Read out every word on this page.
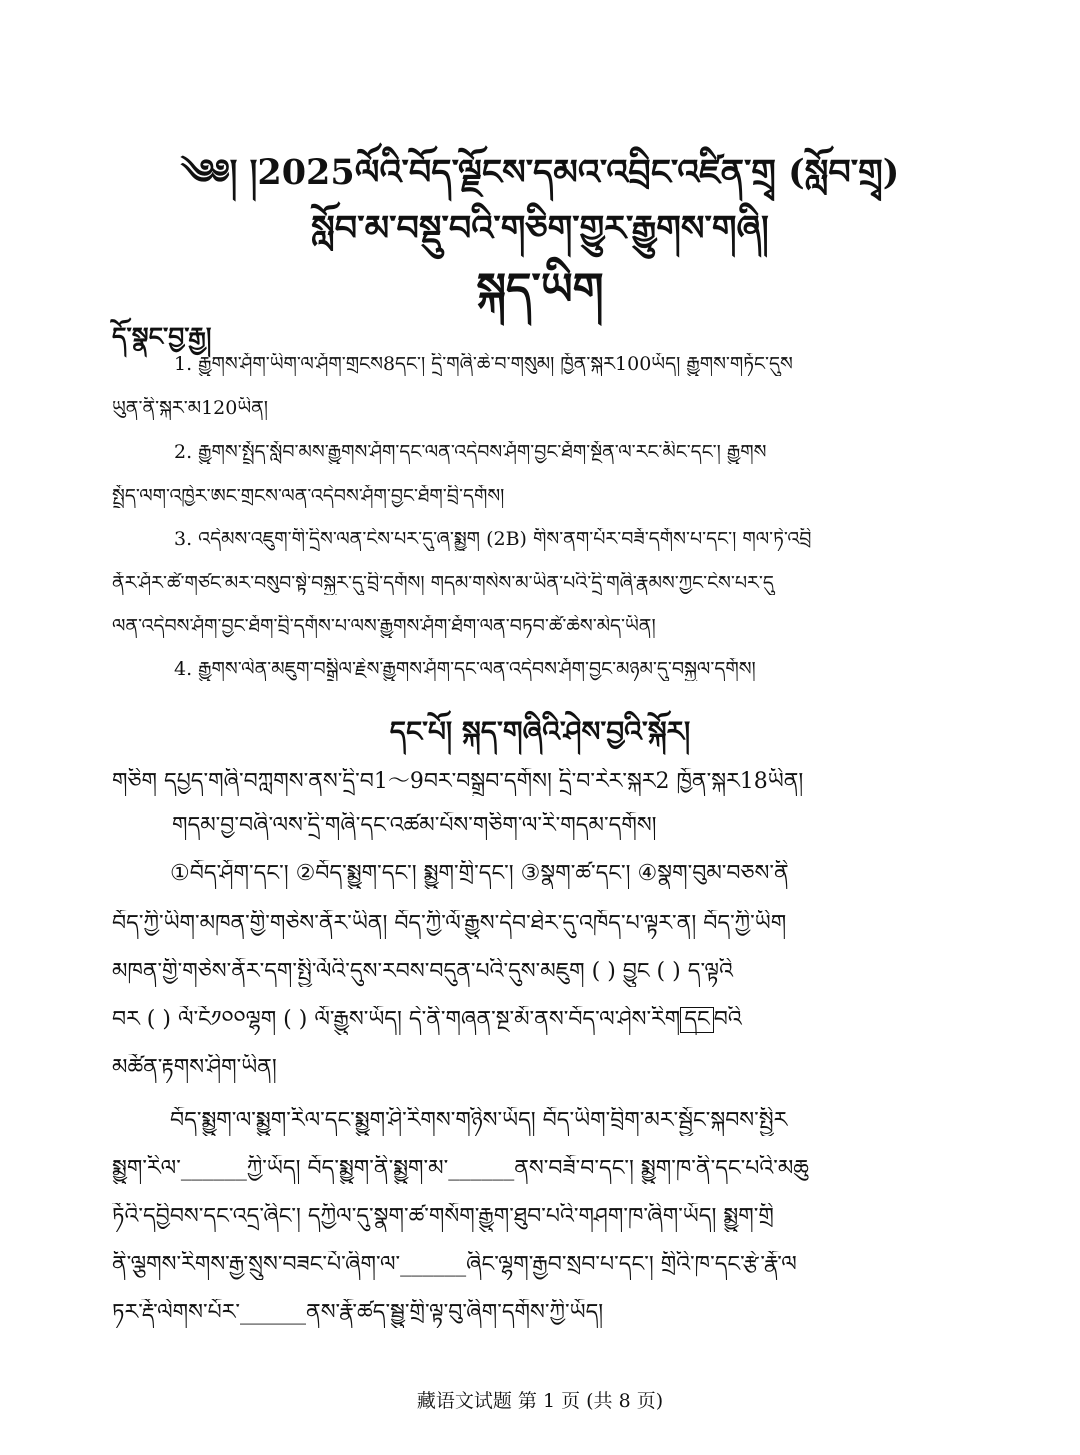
༄༅། །2025ལོའི་བོད་ལྗོངས་དམའ་འབྲིང་འཛིན་གྲྭ (སློབ་གྲྭ)
སློབ་མ་བསྡུ་བའི་གཅིག་གྱུར་རྒྱུགས་གཞི།
སྐད་ཡིག
དོ་སྣང་བྱ་རྒྱ།
1. རྒྱུགས་ཤོག་ཡིག་ལ་ཤོག་གྲངས8དང་། དྲི་གཞི་ཆེ་བ་གསུམ། ཁྱོན་སྐར100ཡོད། རྒྱུགས་གཏོང་དུས
ཡུན་ནི་སྐར་མ120ཡིན།
2. རྒྱུགས་སྤྲོད་སློབ་མས་རྒྱུགས་ཤོག་དང་ལན་འདེབས་ཤོག་བྱང་ཐོག་སྔོན་ལ་རང་མིང་དང་། རྒྱུགས
སྤྲོད་ལག་འཁྱེར་ཨང་གྲངས་ལན་འདེབས་ཤོག་བྱང་ཐོག་བྲི་དགོས།
3. འདེམས་འཇུག་གི་དྲིས་ལན་ངེས་པར་དུ་ཞ་སྨྱུག (2B) གིས་ནག་པོར་བཟོ་དགོས་པ་དང་། གལ་ཏེ་འབྲི
ནོར་ཤོར་ཚེ་གཙང་མར་བསུབ་སྟེ་བསྐྱར་དུ་བྲི་དགོས། གདམ་གསེས་མ་ཡིན་པའི་དྲི་གཞི་རྣམས་ཀྱང་ངེས་པར་དུ
ལན་འདེབས་ཤོག་བྱང་ཐོག་བྲི་དགོས་པ་ལས་རྒྱུགས་ཤོག་ཐོག་ལན་བཏབ་ཚེ་ཆེས་མེད་ཡིན།
4. རྒྱུགས་ལེན་མཇུག་བསྒྲིལ་རྗེས་རྒྱུགས་ཤོག་དང་ལན་འདེབས་ཤོག་བྱང་མཉམ་དུ་བསྐྱལ་དགོས།
དང་པོ། སྐད་གཞིའི་ཤེས་བྱའི་སྐོར།
གཅིག དཔྱད་གཞི་བཀླགས་ནས་དྲི་བ1～9བར་བསྒྲུབ་དགོས། དྲི་བ་རེར་སྐར2 ཁྱོན་སྐར18ཡིན།
གདམ་བྱ་བཞི་ལས་དྲི་གཞི་དང་འཚམ་པོས་གཅིག་ལ་རི་གདམ་དགོས།
①བོད་ཤོག་དང་། ②བོད་སྨྱུག་དང་། སྨྱུག་གྲི་དང་། ③སྣག་ཚ་དང་། ④སྣག་བུམ་བཅས་ནི
བོད་ཀྱི་ཡིག་མཁན་གྱི་གཅེས་ནོར་ཡིན། བོད་ཀྱི་ལོ་རྒྱུས་དེབ་ཐེར་དུ་འཁོད་པ་ལྟར་ན། བོད་ཀྱི་ཡིག
མཁན་གྱི་གཅེས་ནོར་དག་སྤྱི་ལོའི་དུས་རབས་བདུན་པའི་དུས་མཇུག ( ) བྱུང ( ) ད་ལྟའི
བར ( ) ལོ་ངོ༡༠༠ལྷག ( ) ལོ་རྒྱུས་ཡོད། དེ་ནི་གཞན་སྔ་མོ་ནས་བོད་ལ་ཤེས་རིག དང བའི
མཚོན་རྟགས་ཤིག་ཡིན།
བོད་སྨྱུག་ལ་སྨྱུག་རིལ་དང་སྨྱུག་ཤི་རིགས་གཉིས་ཡོད། བོད་ཡིག་བྲིག་མར་སྦྱོང་སྐབས་སྤྱིར
སྨྱུག་རིལ་______ཀྱི་ཡོད། བོད་སྨྱུག་ནི་སྨྱུག་མ་______ནས་བཟོ་བ་དང་། སྨྱུག་ཁ་ནི་དང་པའི་མཆུ
ཏོའི་དབྱིབས་དང་འདྲ་ཞིང་། དཀྱིལ་དུ་སྣག་ཚ་གསོག་རྒྱུག་ཐུབ་པའི་གཤག་ཁ་ཞིག་ཡོད། སྨྱུག་གྲི
ནི་ལྕགས་རིགས་རྒྱ་སྲུས་བཟང་པོ་ཞིག་ལ་______ཞིང་ལྷག་རྒྱབ་སྲབ་པ་དང་། གྲིའི་ཁ་དང་རྩེ་རྣོ་ལ
ཏར་རྡོ་ལེགས་པོར་______ནས་རྣོ་ཚད་སྦྱུ་གྲི་ལྟ་བུ་ཞིག་དགོས་ཀྱི་ཡོད།
藏语文试题 第 1 页 (共 8 页)
